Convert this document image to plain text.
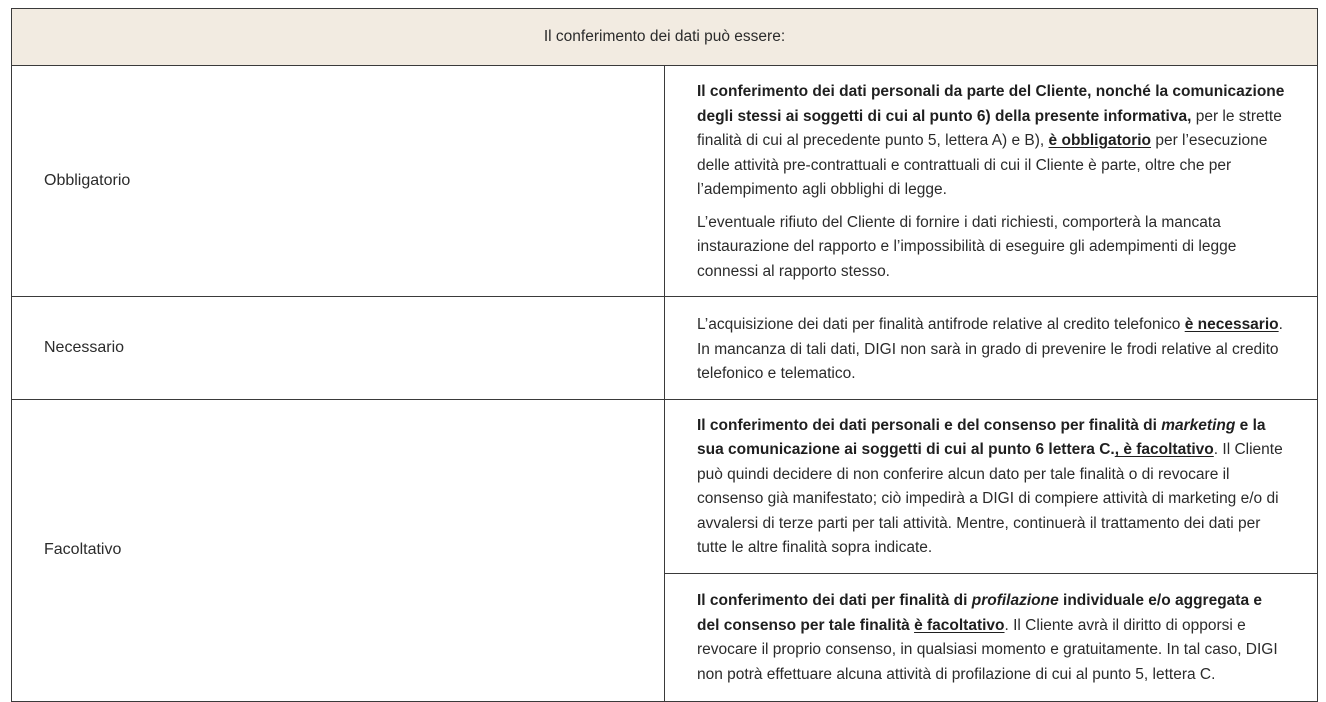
Il conferimento dei dati può essere:	
Obbligatorio	Il conferimento dei dati personali da parte del Cliente, nonché la comunicazione degli stessi ai soggetti di cui al punto 6) della presente informativa, per le strette finalità di cui al precedente punto 5, lettera A) e B), è obbligatorio per l’esecuzione delle attività pre-contrattuali e contrattuali di cui il Cliente è parte, oltre che per l’adempimento agli obblighi di legge.

L’eventuale rifiuto del Cliente di fornire i dati richiesti, comporterà la mancata instaurazione del rapporto e l’impossibilità di eseguire gli adempimenti di legge connessi al rapporto stesso.

Necessario	L’acquisizione dei dati per finalità antifrode relative al credito telefonico è necessario. In mancanza di tali dati, DIGI non sarà in grado di prevenire le frodi relative al credito telefonico e telematico.

Facoltativo	Il conferimento dei dati personali e del consenso per finalità di marketing e la sua comunicazione ai soggetti di cui al punto 6 lettera C., è facoltativo. Il Cliente può quindi decidere di non conferire alcun dato per tale finalità o di revocare il consenso già manifestato; ciò impedirà a DIGI di compiere attività di marketing e/o di avvalersi di terze parti per tali attività. Mentre, continuerà il trattamento dei dati per tutte le altre finalità sopra indicate.

	Il conferimento dei dati per finalità di profilazione individuale e/o aggregata e del consenso per tale finalità è facoltativo. Il Cliente avrà il diritto di opporsi e revocare il proprio consenso, in qualsiasi momento e gratuitamente. In tal caso, DIGI non potrà effettuare alcuna attività di profilazione di cui al punto 5, lettera C.
